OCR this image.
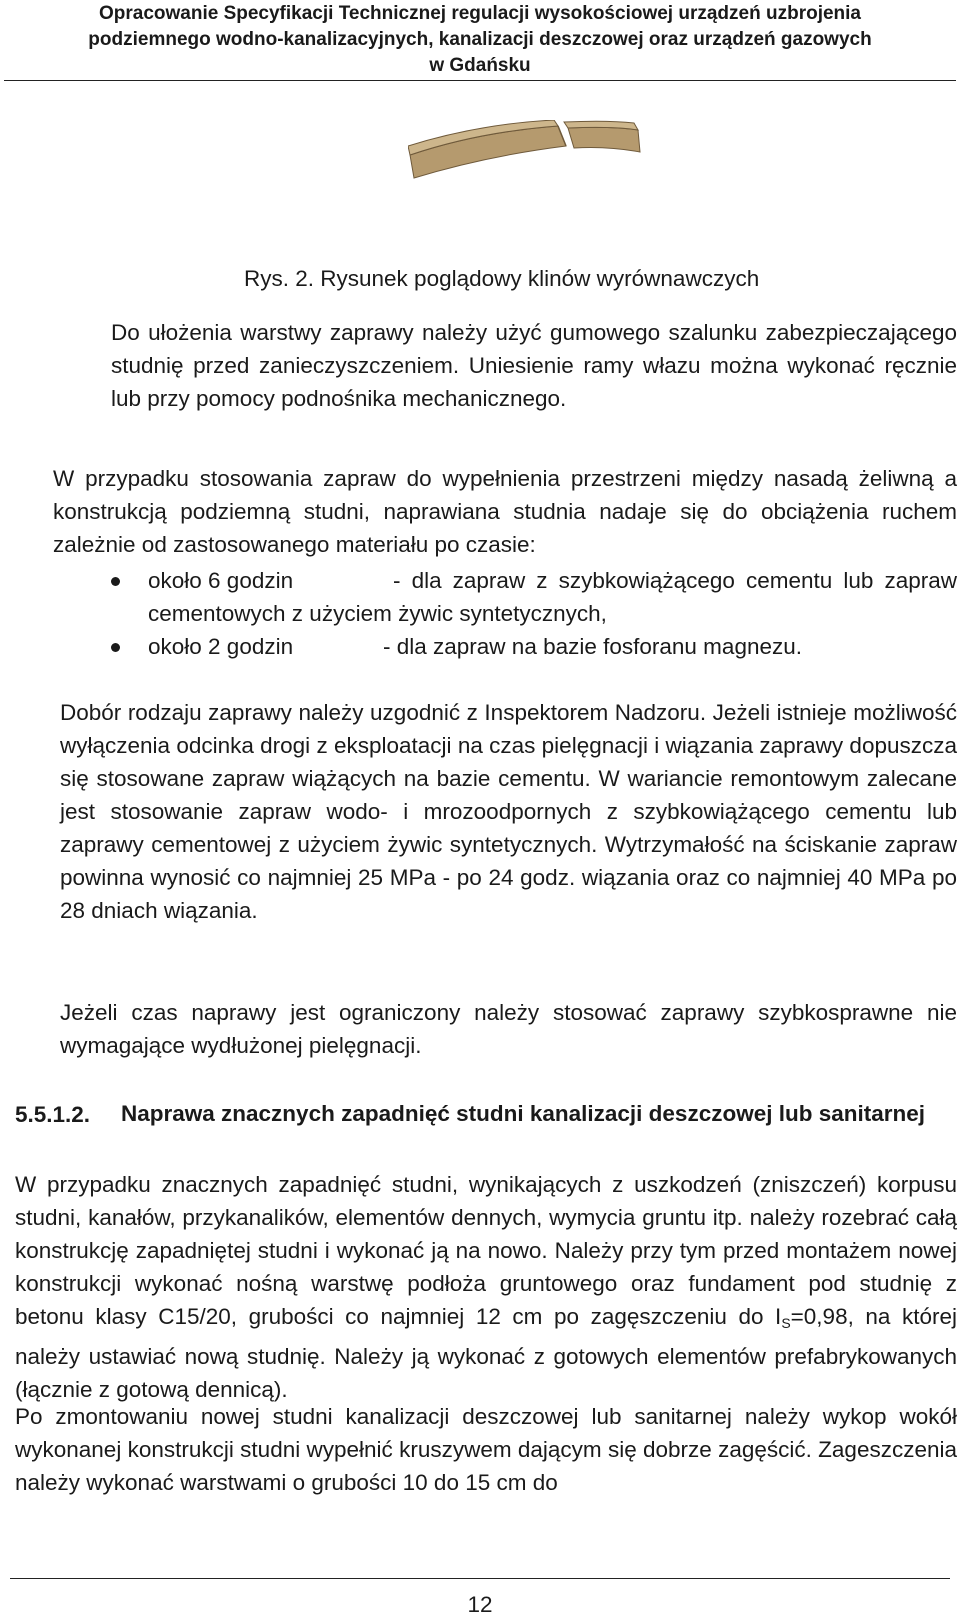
Opracowanie Specyfikacji Technicznej regulacji wysokościowej urządzeń uzbrojenia
podziemnego wodno-kanalizacyjnych, kanalizacji deszczowej oraz urządzeń gazowych
w Gdańsku
Rys. 2. Rysunek poglądowy klinów wyrównawczych

Do ułożenia warstwy zaprawy należy użyć gumowego szalunku zabezpieczającego studnię przed zanieczyszczeniem. Uniesienie ramy włazu można wykonać ręcznie lub przy pomocy podnośnika mechanicznego.

W przypadku stosowania zapraw do wypełnienia przestrzeni między nasadą żeliwną a konstrukcją podziemną studni, naprawiana studnia nadaje się do obciążenia ruchem zależnie od zastosowanego materiału po czasie:

około 6 godzin	- dla zapraw z szybkowiążącego cementu lub zapraw cementowych z użyciem żywic syntetycznych,
około 2 godzin	- dla zapraw na bazie fosforanu magnezu.

Dobór rodzaju zaprawy należy uzgodnić z Inspektorem Nadzoru. Jeżeli istnieje możliwość wyłączenia odcinka drogi z eksploatacji na czas pielęgnacji i wiązania zaprawy dopuszcza się stosowane zapraw wiążących na bazie cementu. W wariancie remontowym zalecane jest stosowanie zapraw wodo- i mrozoodpornych z szybkowiążącego cementu lub zaprawy cementowej z użyciem żywic syntetycznych. Wytrzymałość na ściskanie zapraw powinna wynosić co najmniej 25 MPa - po 24 godz. wiązania oraz co najmniej 40 MPa po 28 dniach wiązania.

Jeżeli czas naprawy jest ograniczony należy stosować zaprawy szybkosprawne nie wymagające wydłużonej pielęgnacji.

5.5.1.2. Naprawa znacznych zapadnięć studni kanalizacji deszczowej lub sanitarnej

W przypadku znacznych zapadnięć studni, wynikających z uszkodzeń (zniszczeń) korpusu studni, kanałów, przykanalików, elementów dennych, wymycia gruntu itp. należy rozebrać całą konstrukcję zapadniętej studni i wykonać ją na nowo. Należy przy tym przed montażem nowej konstrukcji wykonać nośną warstwę podłoża gruntowego oraz fundament pod studnię z betonu klasy C15/20, grubości co najmniej 12 cm po zagęszczeniu do $I_S=0,98$, na której należy ustawiać nową studnię. Należy ją wykonać z gotowych elementów prefabrykowanych (łącznie z gotową dennicą).

Po zmontowaniu nowej studni kanalizacji deszczowej lub sanitarnej należy wykop wokół wykonanej konstrukcji studni wypełnić kruszywem dającym się dobrze zagęścić. Zageszczenia należy wykonać warstwami o grubości 10 do 15 cm do

12
